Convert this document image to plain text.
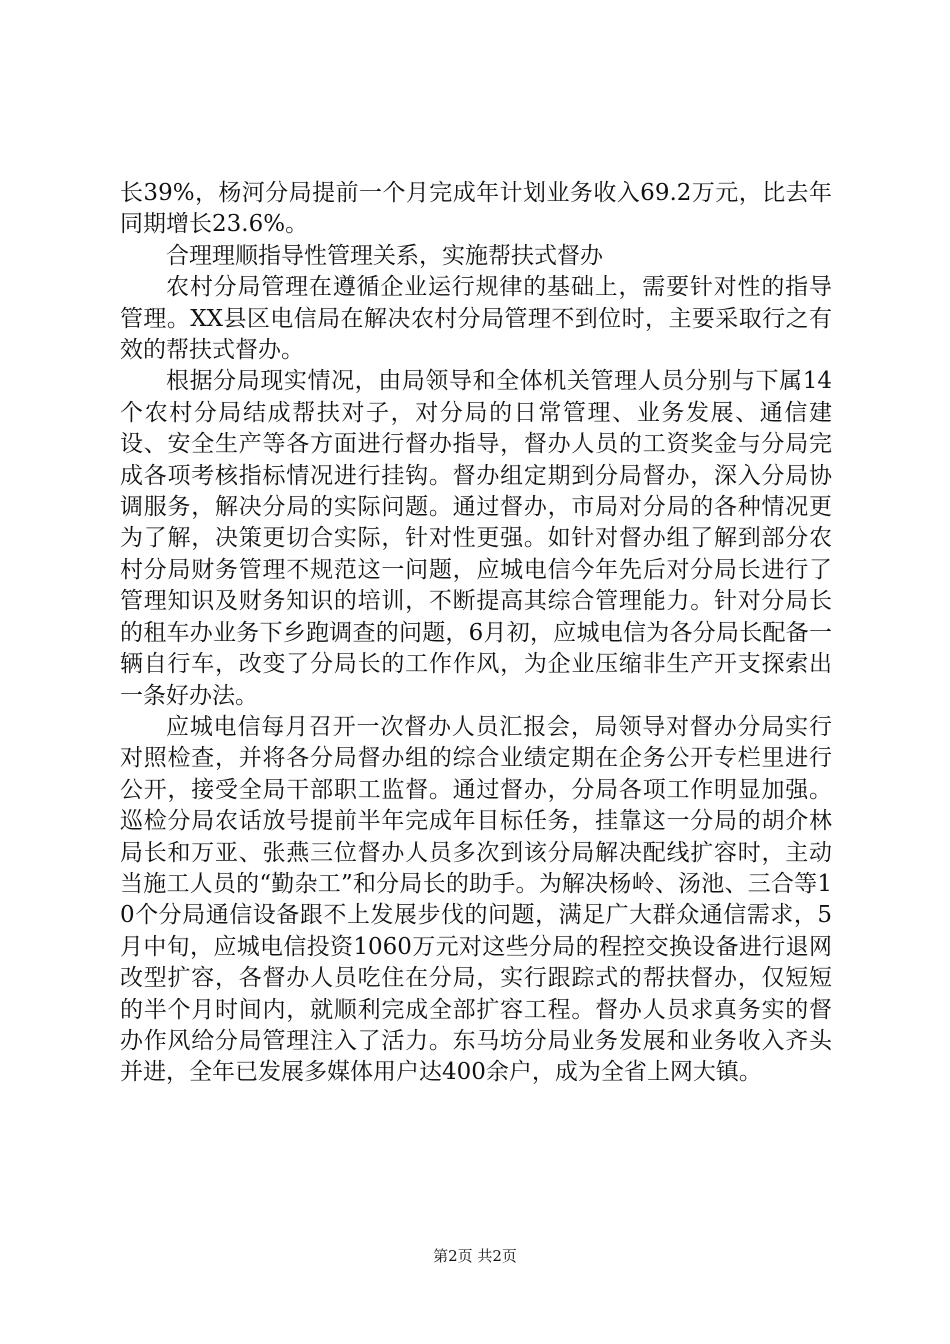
长39%，杨河分局提前一个月完成年计划业务收入69.2万元，比去年同期增长23.6%。

合理理顺指导性管理关系，实施帮扶式督办

农村分局管理在遵循企业运行规律的基础上，需要针对性的指导管理。XX县区电信局在解决农村分局管理不到位时，主要采取行之有效的帮扶式督办。

根据分局现实情况，由局领导和全体机关管理人员分别与下属14个农村分局结成帮扶对子，对分局的日常管理、业务发展、通信建设、安全生产等各方面进行督办指导，督办人员的工资奖金与分局完成各项考核指标情况进行挂钩。督办组定期到分局督办，深入分局协调服务，解决分局的实际问题。通过督办，市局对分局的各种情况更为了解，决策更切合实际，针对性更强。如针对督办组了解到部分农村分局财务管理不规范这一问题，应城电信今年先后对分局长进行了管理知识及财务知识的培训，不断提高其综合管理能力。针对分局长的租车办业务下乡跑调查的问题，6月初，应城电信为各分局长配备一辆自行车，改变了分局长的工作作风，为企业压缩非生产开支探索出一条好办法。

应城电信每月召开一次督办人员汇报会，局领导对督办分局实行对照检查，并将各分局督办组的综合业绩定期在企务公开专栏里进行公开，接受全局干部职工监督。通过督办，分局各项工作明显加强。巡检分局农话放号提前半年完成年目标任务，挂靠这一分局的胡介林局长和万亚、张燕三位督办人员多次到该分局解决配线扩容时，主动当施工人员的“勤杂工”和分局长的助手。为解决杨岭、汤池、三合等10个分局通信设备跟不上发展步伐的问题，满足广大群众通信需求，5月中旬，应城电信投资1060万元对这些分局的程控交换设备进行退网改型扩容，各督办人员吃住在分局，实行跟踪式的帮扶督办，仅短短的半个月时间内，就顺利完成全部扩容工程。督办人员求真务实的督办作风给分局管理注入了活力。东马坊分局业务发展和业务收入齐头并进，全年已发展多媒体用户达400余户，成为全省上网大镇。

第2页 共2页
